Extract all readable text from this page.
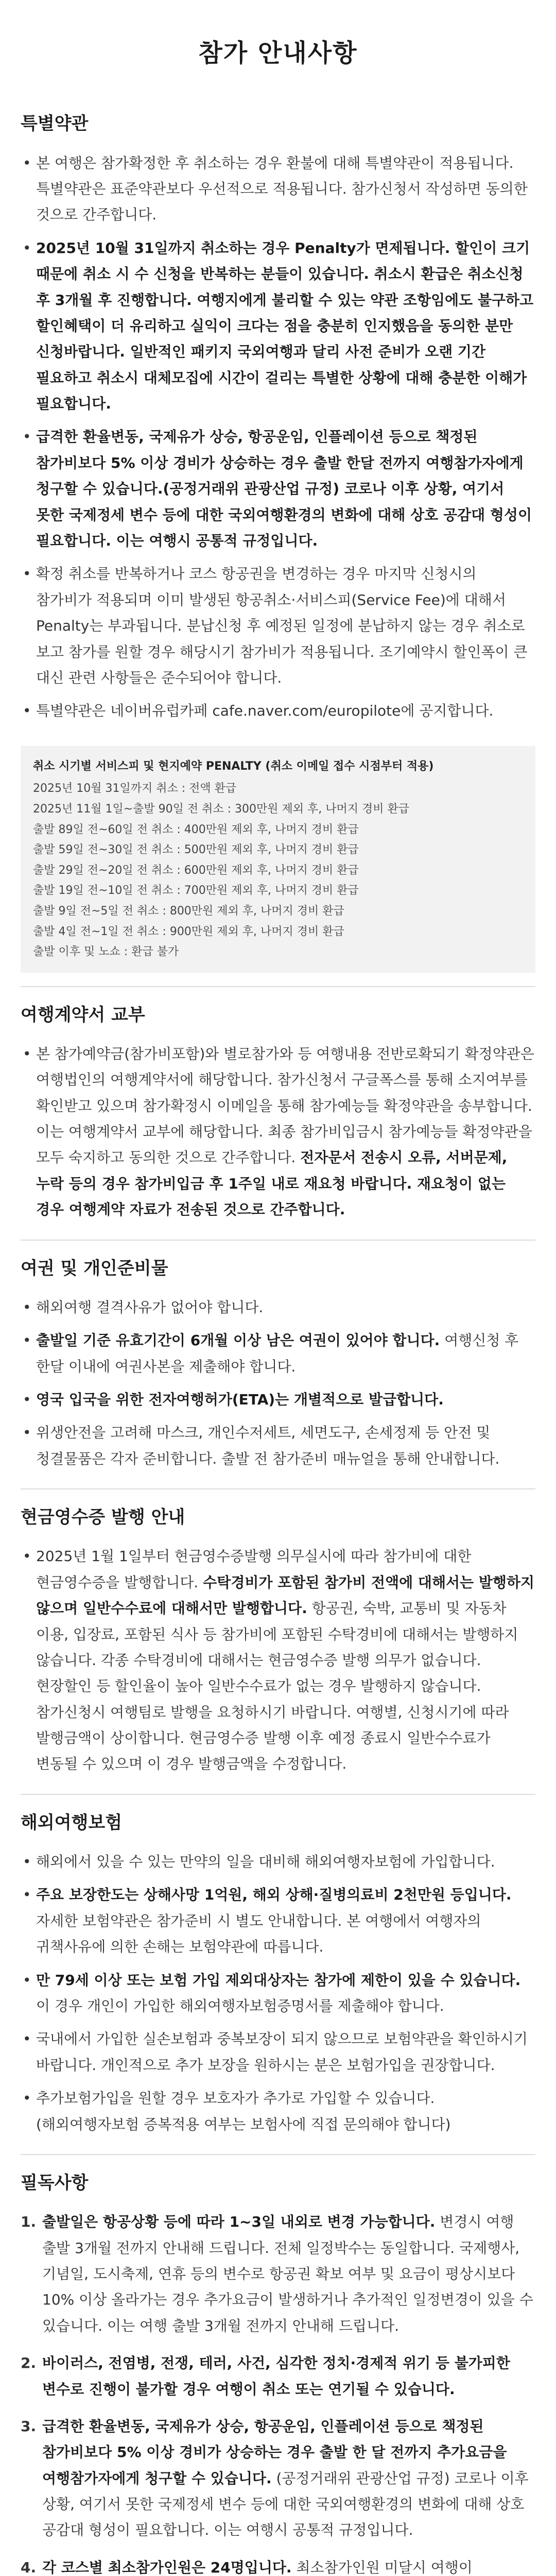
참가 안내사항
특별약관
• 본 여행은 참가확정한 후 취소하는 경우 환불에 대해 특별약관이 적용됩니다. 특별약관은 표준약관보다 우선적으로 적용됩니다. 참가신청서 작성하면 동의한 것으로 간주합니다.
• 2025년 10월 31일까지 취소하는 경우 Penalty가 면제됩니다. 할인이 크기 때문에 취소 시 수 신청을 반복하는 분들이 있습니다. 취소시 환급은 취소신청 후 3개월 후 진행합니다. 여행지에게 불리할 수 있는 약관 조항임에도 불구하고 할인혜택이 더 유리하고 실익이 크다는 점을 충분히 인지했음을 동의한 분만 신청바랍니다. 일반적인 패키지 국외여행과 달리 사전 준비가 오랜 기간 필요하고 취소시 대체모집에 시간이 걸리는 특별한 상황에 대해 충분한 이해가 필요합니다.
• 급격한 환율변동, 국제유가 상승, 항공운임, 인플레이션 등으로 책정된 참가비보다 5% 이상 경비가 상승하는 경우 출발 한달 전까지 여행참가자에게 청구할 수 있습니다.(공정거래위 관광산업 규정) 코로나 이후 상황, 여기서 못한 국제정세 변수 등에 대한 국외여행환경의 변화에 대해 상호 공감대 형성이 필요합니다. 이는 여행시 공통적 규정입니다.
• 확정 취소를 반복하거나 코스 항공권을 변경하는 경우 마지막 신청시의 참가비가 적용되며 이미 발생된 항공취소·서비스피(Service Fee)에 대해서 Penalty는 부과됩니다. 분납신청 후 예정된 일정에 분납하지 않는 경우 취소로 보고 참가를 원할 경우 해당시기 참가비가 적용됩니다. 조기예약시 할인폭이 큰 대신 관련 사항들은 준수되어야 합니다.
• 특별약관은 네이버유럽카페 cafe.naver.com/europilote에 공지합니다.
취소 시기별 서비스피 및 현지예약 PENALTY (취소 이메일 접수 시점부터 적용)
2025년 10월 31일까지 취소 : 전액 환급
2025년 11월 1일~출발 90일 전 취소 : 300만원 제외 후, 나머지 경비 환급
출발 89일 전~60일 전 취소 : 400만원 제외 후, 나머지 경비 환급
출발 59일 전~30일 전 취소 : 500만원 제외 후, 나머지 경비 환급
출발 29일 전~20일 전 취소 : 600만원 제외 후, 나머지 경비 환급
출발 19일 전~10일 전 취소 : 700만원 제외 후, 나머지 경비 환급
출발 9일 전~5일 전 취소 : 800만원 제외 후, 나머지 경비 환급
출발 4일 전~1일 전 취소 : 900만원 제외 후, 나머지 경비 환급
출발 이후 및 노쇼 : 환급 불가
여행계약서 교부
• 본 참가예약금(참가비포함)와 별로참가와 등 여행내용 전반로확되기 확정약관은 여행법인의 여행계약서에 해당합니다. 참가신청서 구글폭스를 통해 소지여부를 확인받고 있으며 참가확정시 이메일을 통해 참가예능들 확정약관을 송부합니다. 이는 여행계약서 교부에 해당합니다. 최종 참가비입금시 참가예능들 확정약관을 모두 숙지하고 동의한 것으로 간주합니다. 전자문서 전송시 오류, 서버문제, 누락 등의 경우 참가비입금 후 1주일 내로 재요청 바랍니다. 재요청이 없는 경우 여행계약 자료가 전송된 것으로 간주합니다.
여권 및 개인준비물
• 해외여행 결격사유가 없어야 합니다.
• 출발일 기준 유효기간이 6개월 이상 남은 여권이 있어야 합니다. 여행신청 후 한달 이내에 여권사본을 제출해야 합니다.
• 영국 입국을 위한 전자여행허가(ETA)는 개별적으로 발급합니다.
• 위생안전을 고려해 마스크, 개인수저세트, 세면도구, 손세정제 등 안전 및 청결물품은 각자 준비합니다. 출발 전 참가준비 매뉴얼을 통해 안내합니다.
현금영수증 발행 안내
• 2025년 1월 1일부터 현금영수증발행 의무실시에 따라 참가비에 대한 현금영수증을 발행합니다. 수탁경비가 포함된 참가비 전액에 대해서는 발행하지 않으며 일반수수료에 대해서만 발행합니다. 항공권, 숙박, 교통비 및 자동차 이용, 입장료, 포함된 식사 등 참가비에 포함된 수탁경비에 대해서는 발행하지 않습니다. 각종 수탁경비에 대해서는 현금영수증 발행 의무가 없습니다. 현장할인 등 할인율이 높아 일반수수료가 없는 경우 발행하지 않습니다. 참가신청시 여행팀로 발행을 요청하시기 바랍니다. 여행별, 신청시기에 따라 발행금액이 상이합니다. 현금영수증 발행 이후 예정 종료시 일반수수료가 변동될 수 있으며 이 경우 발행금액을 수정합니다.
해외여행보험
• 해외에서 있을 수 있는 만약의 일을 대비해 해외여행자보험에 가입합니다.
• 주요 보장한도는 상해사망 1억원, 해외 상해·질병의료비 2천만원 등입니다. 자세한 보험약관은 참가준비 시 별도 안내합니다. 본 여행에서 여행자의 귀책사유에 의한 손해는 보험약관에 따릅니다.
• 만 79세 이상 또는 보험 가입 제외대상자는 참가에 제한이 있을 수 있습니다. 이 경우 개인이 가입한 해외여행자보험증명서를 제출해야 합니다.
• 국내에서 가입한 실손보험과 중복보장이 되지 않으므로 보험약관을 확인하시기 바랍니다. 개인적으로 추가 보장을 원하시는 분은 보험가입을 권장합니다.
• 추가보험가입을 원할 경우 보호자가 추가로 가입할 수 있습니다.(해외여행자보험 증복적용 여부는 보험사에 직접 문의해야 합니다)
필독사항
1. 출발일은 항공상황 등에 따라 1~3일 내외로 변경 가능합니다. 변경시 여행 출발 3개월 전까지 안내해 드립니다. 전체 일정박수는 동일합니다. 국제행사, 기념일, 도시축제, 연휴 등의 변수로 항공권 확보 여부 및 요금이 평상시보다 10% 이상 올라가는 경우 추가요금이 발생하거나 추가적인 일정변경이 있을 수 있습니다. 이는 여행 출발 3개월 전까지 안내해 드립니다.
2. 바이러스, 전염병, 전쟁, 테러, 사건, 심각한 정치·경제적 위기 등 불가피한 변수로 진행이 불가할 경우 여행이 취소 또는 연기될 수 있습니다.
3. 급격한 환율변동, 국제유가 상승, 항공운임, 인플레이션 등으로 책정된 참가비보다 5% 이상 경비가 상승하는 경우 출발 한 달 전까지 추가요금을 여행참가자에게 청구할 수 있습니다. (공정거래위 관광산업 규정) 코로나 이후 상황, 여기서 못한 국제정세 변수 등에 대한 국외여행환경의 변화에 대해 상호 공감대 형성이 필요합니다. 이는 여행시 공통적 규정입니다.
4. 각 코스별 최소참가인원은 24명입니다. 최소참가인원 미달시 여행이
